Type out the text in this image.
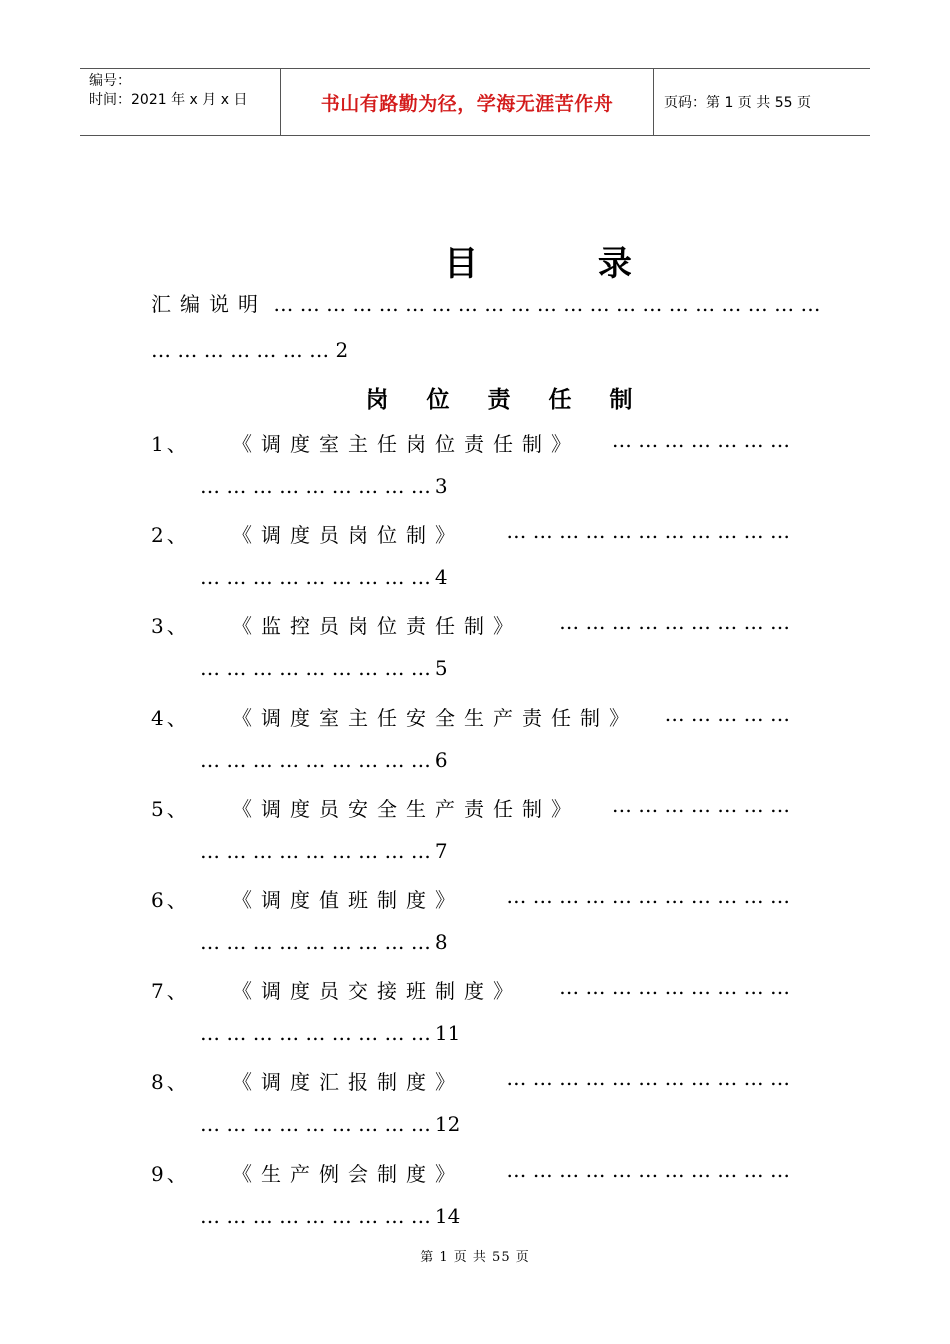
编号：
时间：2021 年 x 月 x 日	书山有路勤为径，学海无涯苦作舟	页码：第 1 页 共 55 页
目	录
汇编说明 … … … … … … … … … … … … … … … … … … … … …
… … … … … … … 2
岗位责任制
1、 《调度室主任岗位责任制》 … … … … … … …
… … … … … … … … … 3
2、 《调度员岗位制》 … … … … … … … … … … …
… … … … … … … … … 4
3、 《监控员岗位责任制》 … … … … … … … … …
… … … … … … … … … 5
4、 《调度室主任安全生产责任制》 … … … … …
… … … … … … … … … 6
5、 《调度员安全生产责任制》 … … … … … … …
… … … … … … … … … 7
6、 《调度值班制度》 … … … … … … … … … … …
… … … … … … … … … 8
7、 《调度员交接班制度》 … … … … … … … … …
… … … … … … … … … 11
8、 《调度汇报制度》 … … … … … … … … … … …
… … … … … … … … … 12
9、 《生产例会制度》 … … … … … … … … … … …
… … … … … … … … … 14
第 1 页 共 55 页
